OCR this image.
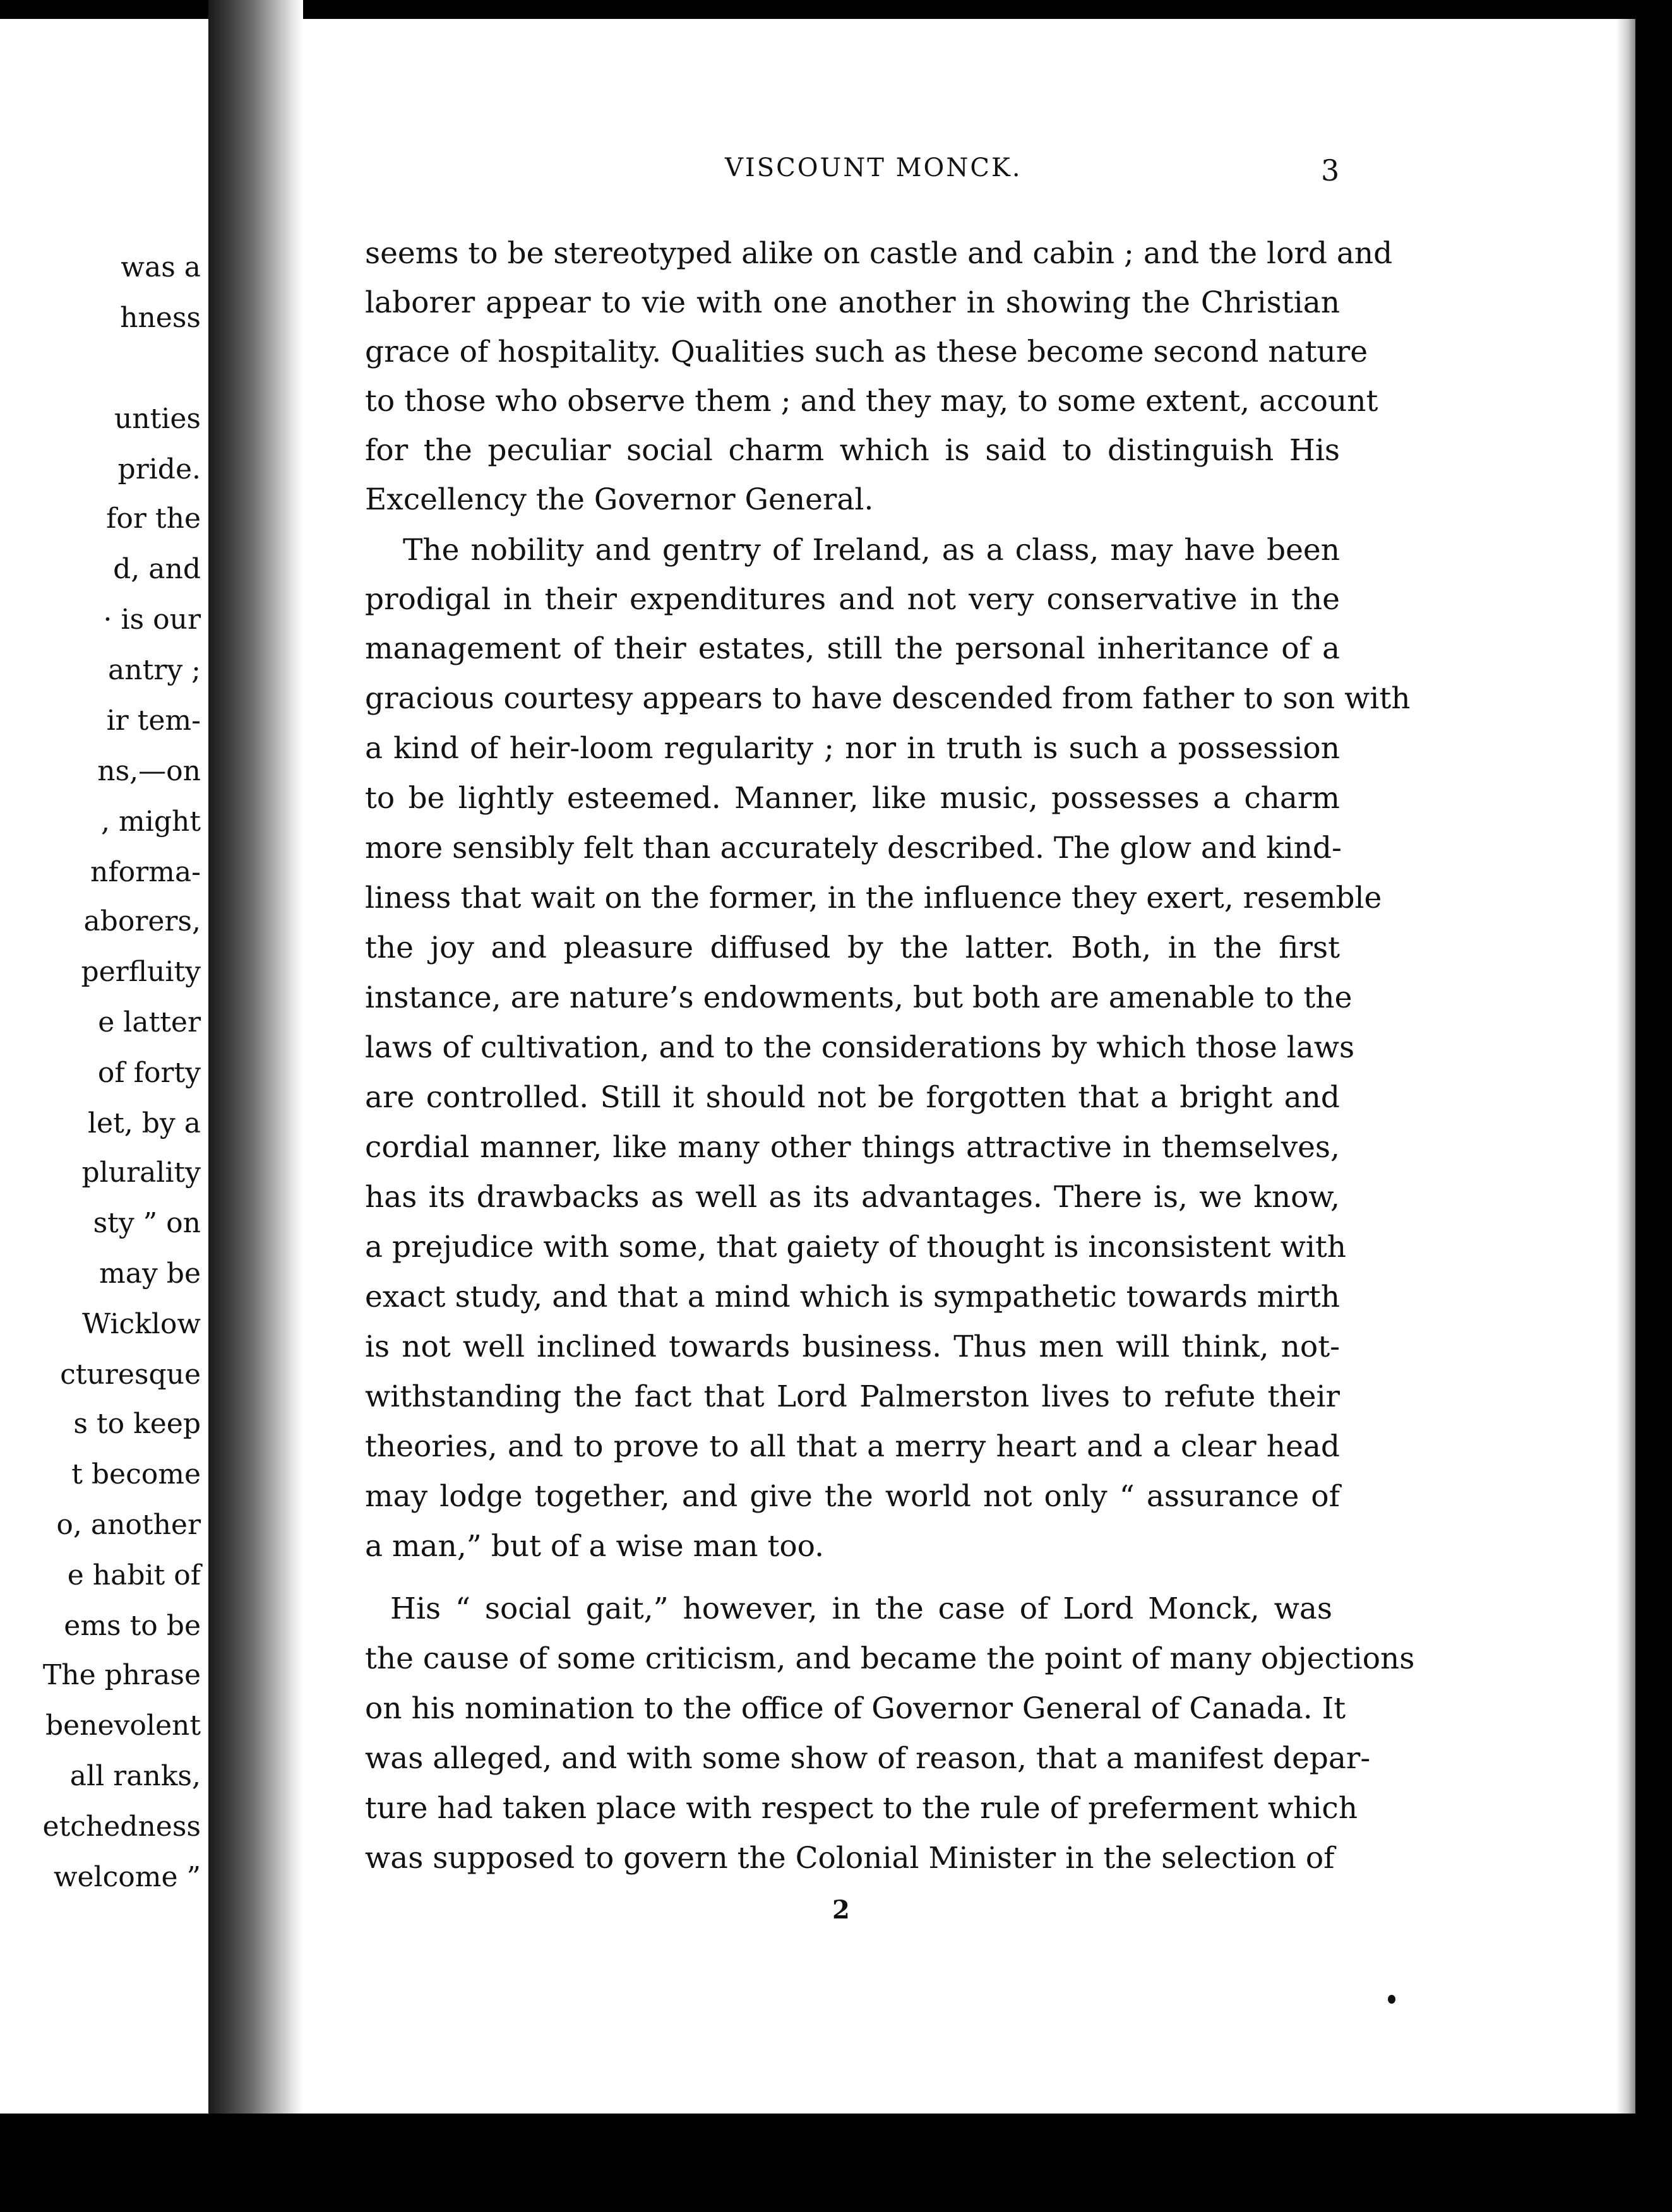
was a
hness
unties
pride.
for the
d, and
· is our
antry ;
ir tem-
ns,—on
, might
nforma-
aborers,
perfluity
e latter
of forty
let, by a
plurality
sty ” on
may be
Wicklow
cturesque
s to keep
t become
o, another
e habit of
ems to be
The phrase
benevolent
all ranks,
etchedness
welcome ”
VISCOUNT MONCK.	3
seems to be stereotyped alike on castle and cabin ; and the lord and
laborer appear to vie with one another in showing the Christian
grace of hospitality. Qualities such as these become second nature
to those who observe them ; and they may, to some extent, account
for the peculiar social charm which is said to distinguish His
Excellency the Governor General.
The nobility and gentry of Ireland, as a class, may have been
prodigal in their expenditures and not very conservative in the
management of their estates, still the personal inheritance of a
gracious courtesy appears to have descended from father to son with
a kind of heir-loom regularity ; nor in truth is such a possession
to be lightly esteemed. Manner, like music, possesses a charm
more sensibly felt than accurately described. The glow and kind-
liness that wait on the former, in the influence they exert, resemble
the joy and pleasure diffused by the latter. Both, in the first
instance, are nature’s endowments, but both are amenable to the
laws of cultivation, and to the considerations by which those laws
are controlled. Still it should not be forgotten that a bright and
cordial manner, like many other things attractive in themselves,
has its drawbacks as well as its advantages. There is, we know,
a prejudice with some, that gaiety of thought is inconsistent with
exact study, and that a mind which is sympathetic towards mirth
is not well inclined towards business. Thus men will think, not-
withstanding the fact that Lord Palmerston lives to refute their
theories, and to prove to all that a merry heart and a clear head
may lodge together, and give the world not only “ assurance of
a man,” but of a wise man too.
His “ social gait,” however, in the case of Lord Monck, was
the cause of some criticism, and became the point of many objections
on his nomination to the office of Governor General of Canada. It
was alleged, and with some show of reason, that a manifest depar-
ture had taken place with respect to the rule of preferment which
was supposed to govern the Colonial Minister in the selection of
2
